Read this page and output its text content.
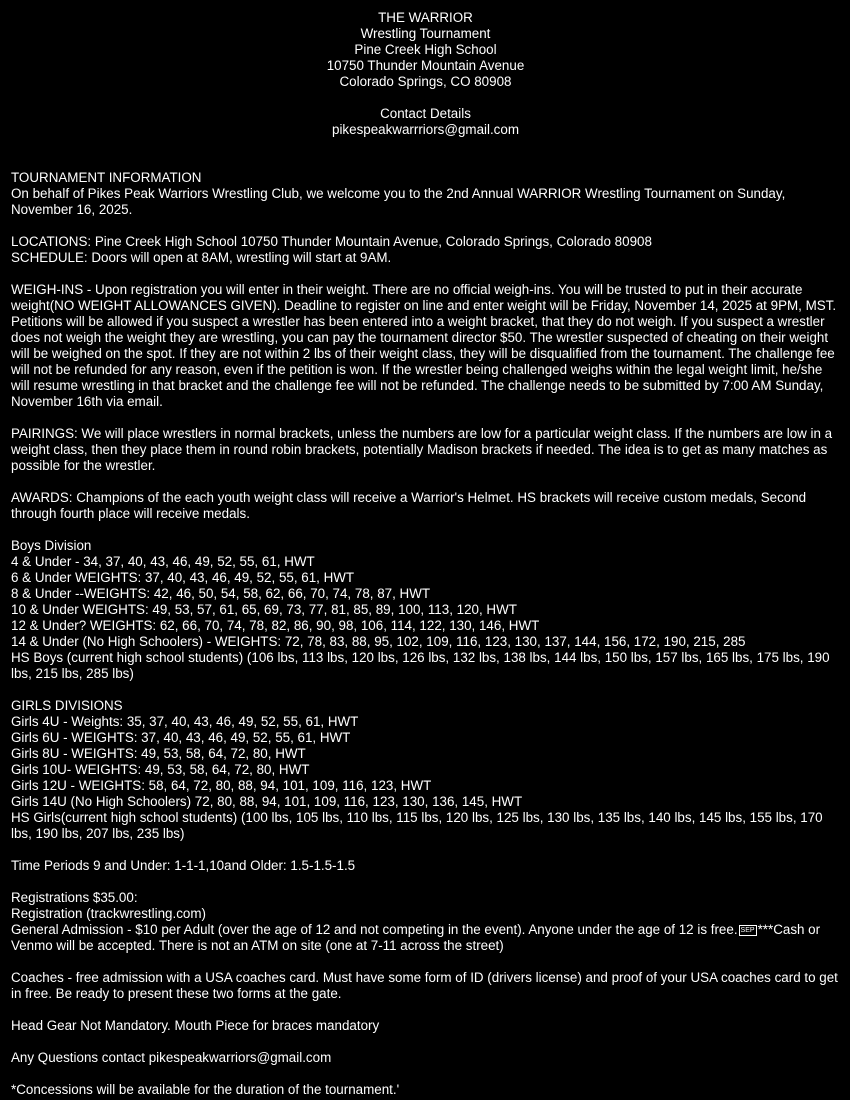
THE WARRIOR
Wrestling Tournament
Pine Creek High School
10750 Thunder Mountain Avenue
Colorado Springs, CO 80908
Contact Details
pikespeakwarrriors@gmail.com

TOURNAMENT INFORMATION

On behalf of Pikes Peak Warriors Wrestling Club, we welcome you to the 2nd Annual WARRIOR Wrestling Tournament on Sunday, November 16, 2025.

LOCATIONS: Pine Creek High School 10750 Thunder Mountain Avenue, Colorado Springs, Colorado 80908

SCHEDULE: Doors will open at 8AM, wrestling will start at 9AM.

WEIGH-INS - Upon registration you will enter in their weight. There are no official weigh-ins. You will be trusted to put in their accurate weight(NO WEIGHT ALLOWANCES GIVEN). Deadline to register on line and enter weight will be Friday, November 14, 2025 at 9PM, MST. Petitions will be allowed if you suspect a wrestler has been entered into a weight bracket, that they do not weigh. If you suspect a wrestler does not weigh the weight they are wrestling, you can pay the tournament director $50. The wrestler suspected of cheating on their weight will be weighed on the spot. If they are not within 2 lbs of their weight class, they will be disqualified from the tournament. The challenge fee will not be refunded for any reason, even if the petition is won. If the wrestler being challenged weighs within the legal weight limit, he/she will resume wrestling in that bracket and the challenge fee will not be refunded. The challenge needs to be submitted by 7:00 AM Sunday, November 16th via email.

PAIRINGS: We will place wrestlers in normal brackets, unless the numbers are low for a particular weight class. If the numbers are low in a weight class, then they place them in round robin brackets, potentially Madison brackets if needed. The idea is to get as many matches as possible for the wrestler.

AWARDS: Champions of the each youth weight class will receive a Warrior's Helmet. HS brackets will receive custom medals, Second through fourth place will receive medals.

Boys Division

4 & Under - 34, 37, 40, 43, 46, 49, 52, 55, 61, HWT

6 & Under WEIGHTS: 37, 40, 43, 46, 49, 52, 55, 61, HWT

8 & Under --WEIGHTS: 42, 46, 50, 54, 58, 62, 66, 70, 74, 78, 87, HWT

10 & Under WEIGHTS: 49, 53, 57, 61, 65, 69, 73, 77, 81, 85, 89, 100, 113, 120, HWT

12 & Under? WEIGHTS: 62, 66, 70, 74, 78, 82, 86, 90, 98, 106, 114, 122, 130, 146, HWT

14 & Under (No High Schoolers) - WEIGHTS: 72, 78, 83, 88, 95, 102, 109, 116, 123, 130, 137, 144, 156, 172, 190, 215, 285

HS Boys (current high school students) (106 lbs, 113 lbs, 120 lbs, 126 lbs, 132 lbs, 138 lbs, 144 lbs, 150 lbs, 157 lbs, 165 lbs, 175 lbs, 190 lbs, 215 lbs, 285 lbs)

GIRLS DIVISIONS

Girls 4U - Weights: 35, 37, 40, 43, 46, 49, 52, 55, 61, HWT

Girls 6U - WEIGHTS: 37, 40, 43, 46, 49, 52, 55, 61, HWT

Girls 8U - WEIGHTS: 49, 53, 58, 64, 72, 80, HWT

Girls 10U- WEIGHTS: 49, 53, 58, 64, 72, 80, HWT

Girls 12U - WEIGHTS: 58, 64, 72, 80, 88, 94, 101, 109, 116, 123, HWT

Girls 14U (No High Schoolers) 72, 80, 88, 94, 101, 109, 116, 123, 130, 136, 145, HWT

HS Girls(current high school students) (100 lbs, 105 lbs, 110 lbs, 115 lbs, 120 lbs, 125 lbs, 130 lbs, 135 lbs, 140 lbs, 145 lbs, 155 lbs, 170 lbs, 190 lbs, 207 lbs, 235 lbs)

Time Periods 9 and Under: 1-1-1,10and Older: 1.5-1.5-1.5

Registrations $35.00:

Registration (trackwrestling.com)

General Admission - $10 per Adult (over the age of 12 and not competing in the event). Anyone under the age of 12 is free. SEP ***Cash or Venmo will be accepted. There is not an ATM on site (one at 7-11 across the street)

Coaches - free admission with a USA coaches card. Must have some form of ID (drivers license) and proof of your USA coaches card to get in free. Be ready to present these two forms at the gate.

Head Gear Not Mandatory. Mouth Piece for braces mandatory

Any Questions contact pikespeakwarriors@gmail.com

*Concessions will be available for the duration of the tournament.'
